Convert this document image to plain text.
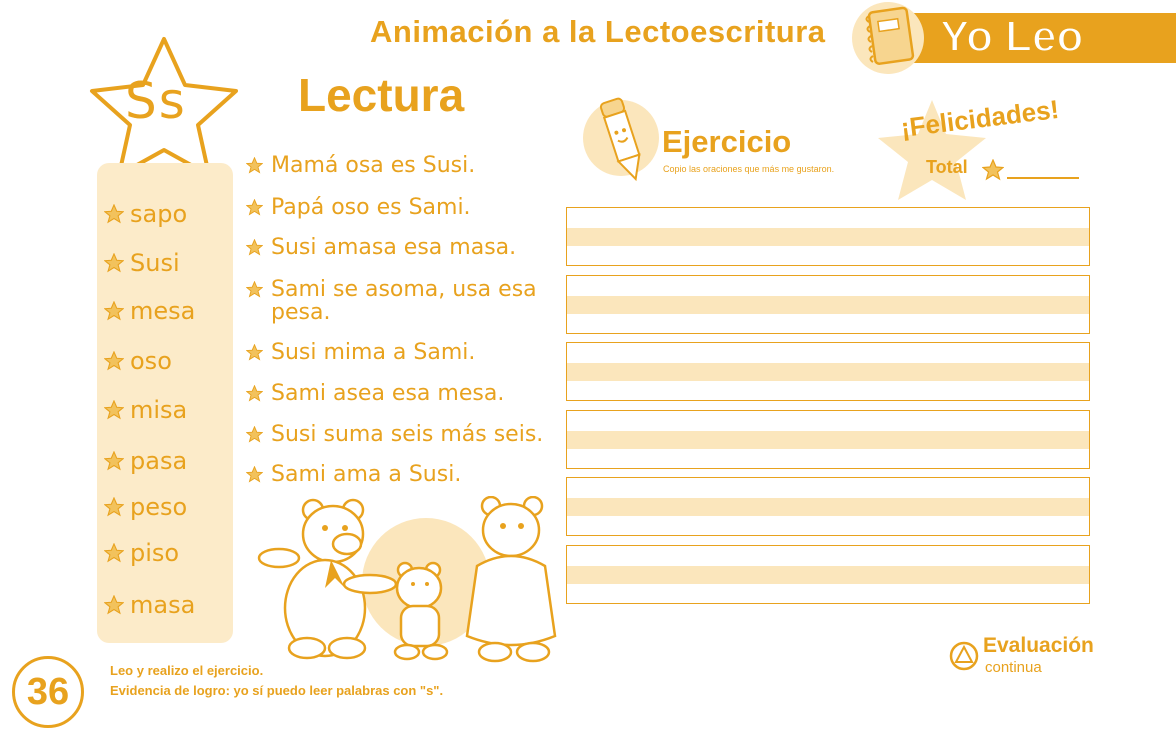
Animación a la Lectoescritura	Yo Leo
Ss Lectura
sapo
Susi
mesa
oso
misa
pasa
peso
piso
masa
Mamá osa es Susi.
Papá oso es Sami.
Susi amasa esa masa.
Sami se asoma, usa esa pesa.
Susi mima a Sami.
Sami asea esa mesa.
Susi suma seis más seis.
Sami ama a Susi.
Ejercicio
Copio las oraciones que más me gustaron.
¡Felicidades!
Total
36	Leo y realizo el ejercicio.
Evidencia de logro: yo sí puedo leer palabras con "s".
Evaluación
continua
